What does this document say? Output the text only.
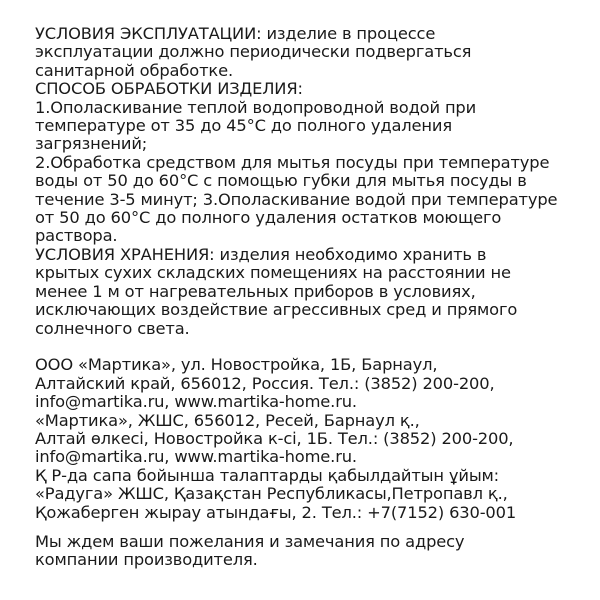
УСЛОВИЯ ЭКСПЛУАТАЦИИ: изделие в процессе
эксплуатации должно периодически подвергаться
санитарной обработке.
СПОСОБ ОБРАБОТКИ ИЗДЕЛИЯ:
1.Ополаскивание теплой водопроводной водой при
температуре от 35 до 45°C до полного удаления
загрязнений;
2.Обработка средством для мытья посуды при температуре
воды от 50 до 60°C с помощью губки для мытья посуды в
течение 3-5 минут; 3.Ополаскивание водой при температуре
от 50 до 60°C до полного удаления остатков моющего
раствора.
УСЛОВИЯ ХРАНЕНИЯ: изделия необходимо хранить в
крытых сухих складских помещениях на расстоянии не
менее 1 м от нагревательных приборов в условиях,
исключающих воздействие агрессивных сред и прямого
солнечного света.
ООО «Мартика», ул. Новостройка, 1Б, Барнаул,
Алтайский край, 656012, Россия. Тел.: (3852) 200-200,
info@martika.ru, www.martika-home.ru.
«Мартика», ЖШС, 656012, Ресей, Барнаул қ.,
Алтай өлкесі, Новостройка к-сі, 1Б. Тел.: (3852) 200-200,
info@martika.ru, www.martika-home.ru.
Қ Р-да сапа бойынша талаптарды қабылдайтын ұйым:
«Радуга» ЖШС, Қазақстан Республикасы,Петропавл қ.,
Қожаберген жырау атындағы, 2. Тел.: +7(7152) 630-001
Мы ждем ваши пожелания и замечания по адресу
компании производителя.
